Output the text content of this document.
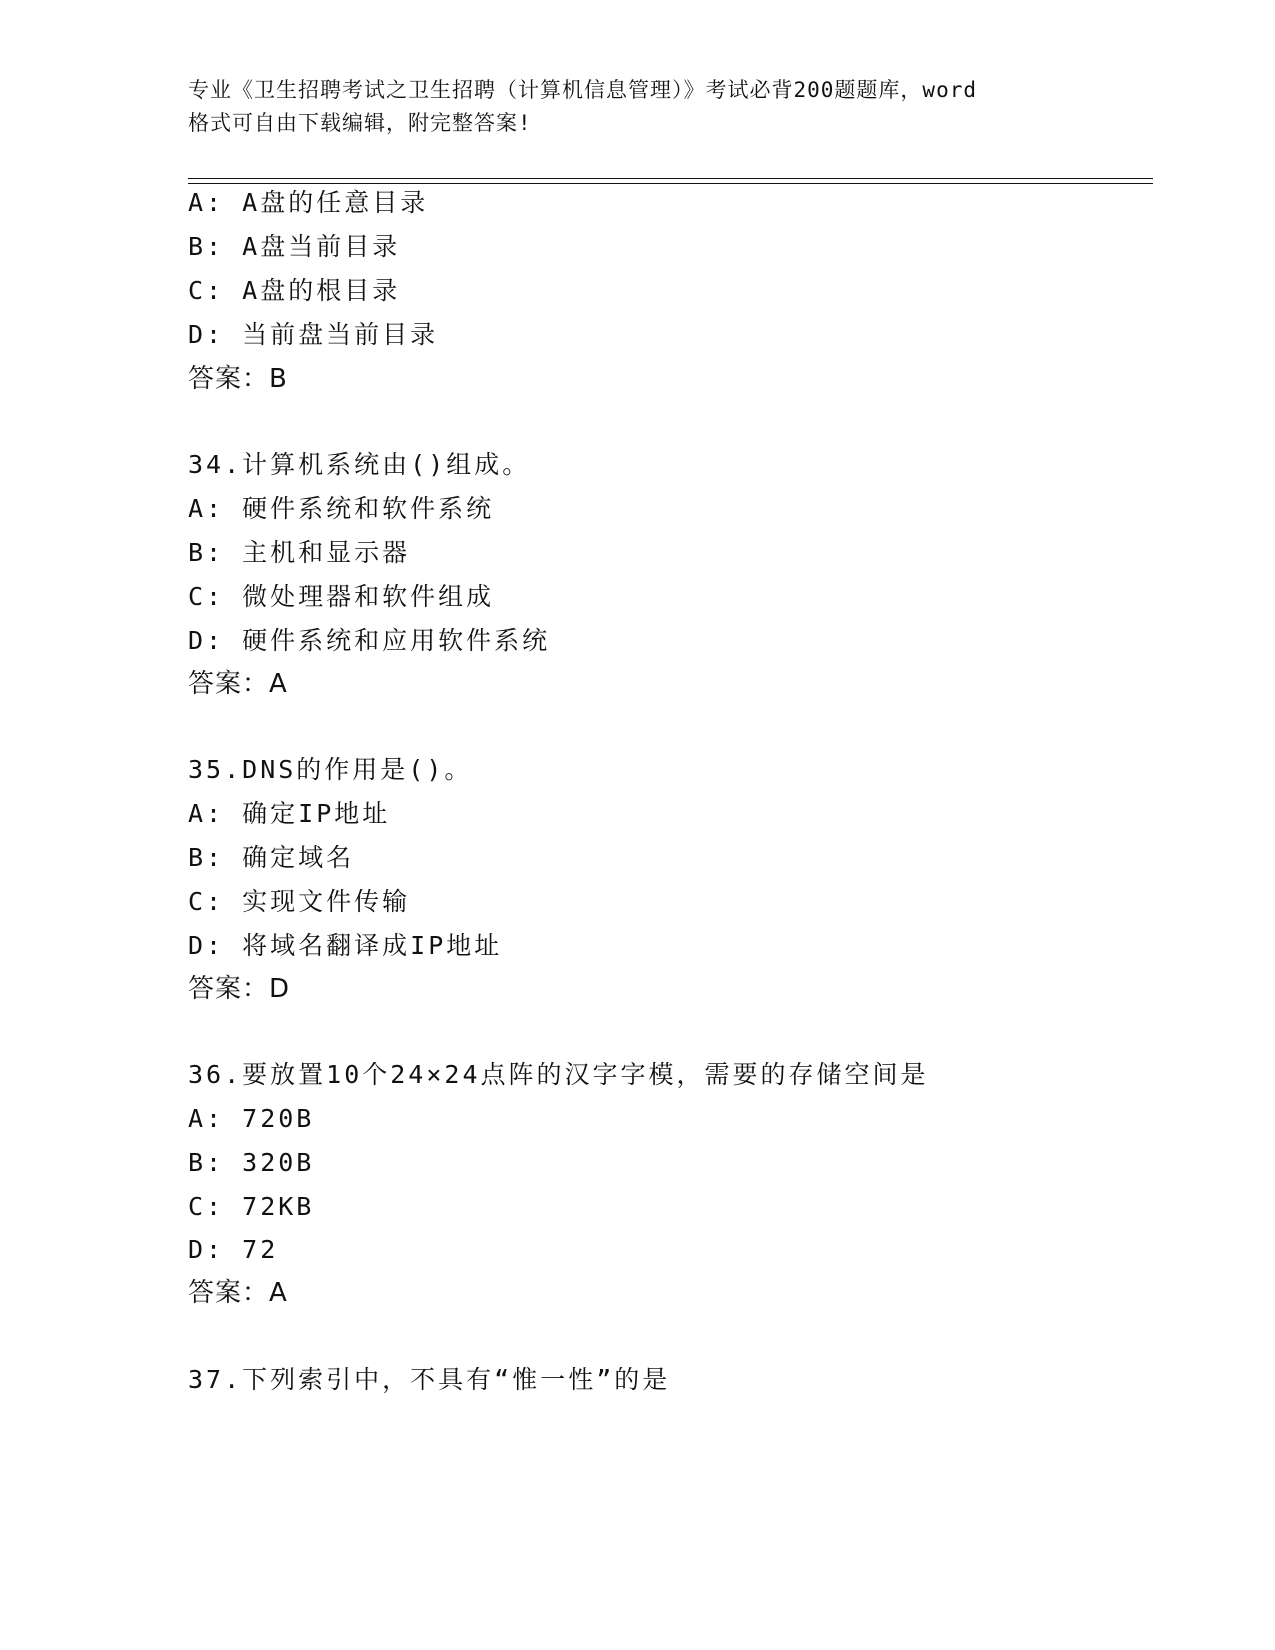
专业《卫生招聘考试之卫生招聘（计算机信息管理）》考试必背200题题库，word
格式可自由下载编辑，附完整答案!
A: A盘的任意目录
B: A盘当前目录
C: A盘的根目录
D: 当前盘当前目录
答案：B
34.计算机系统由()组成。
A: 硬件系统和软件系统
B: 主机和显示器
C: 微处理器和软件组成
D: 硬件系统和应用软件系统
答案：A
35.DNS的作用是()。
A: 确定IP地址
B: 确定域名
C: 实现文件传输
D: 将域名翻译成IP地址
答案：D
36.要放置10个24×24点阵的汉字字模，需要的存储空间是
A: 720B
B: 320B
C: 72KB
D: 72
答案：A
37.下列索引中，不具有“惟一性”的是
